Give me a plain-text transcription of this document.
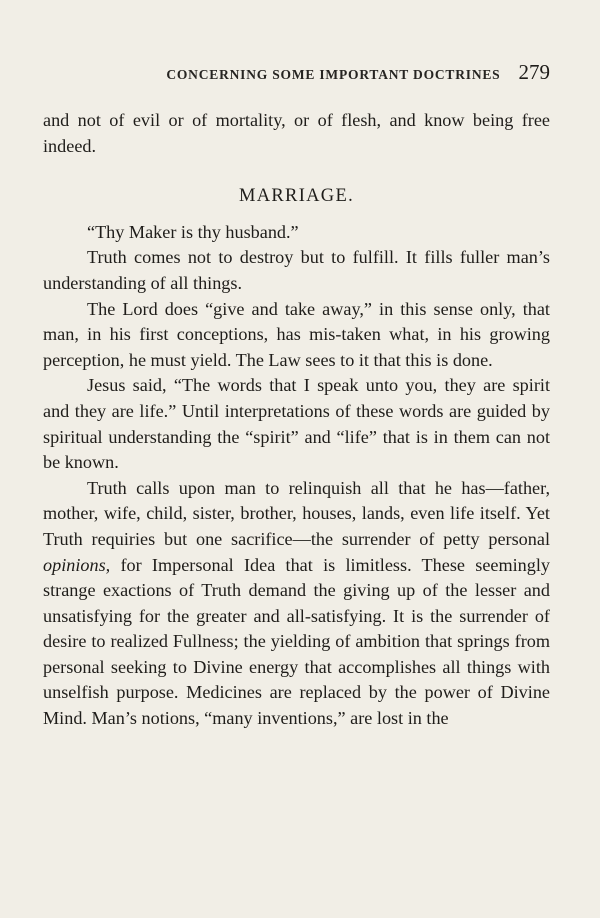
CONCERNING SOME IMPORTANT DOCTRINES 279

and not of evil or of mortality, or of flesh, and know being free indeed.

MARRIAGE.

“Thy Maker is thy husband.”

Truth comes not to destroy but to fulfill. It fills fuller man’s understanding of all things.

The Lord does “give and take away,” in this sense only, that man, in his first conceptions, has mis-taken what, in his growing perception, he must yield. The Law sees to it that this is done.

Jesus said, “The words that I speak unto you, they are spirit and they are life.” Until interpretations of these words are guided by spiritual understanding the “spirit” and “life” that is in them can not be known.

Truth calls upon man to relinquish all that he has—father, mother, wife, child, sister, brother, houses, lands, even life itself. Yet Truth requiries but one sacrifice—the surrender of petty personal opinions, for Impersonal Idea that is limitless. These seemingly strange exactions of Truth demand the giving up of the lesser and unsatisfying for the greater and all-satisfying. It is the surrender of desire to realized Fullness; the yielding of ambition that springs from personal seeking to Divine energy that accomplishes all things with unselfish purpose. Medicines are replaced by the power of Divine Mind. Man’s notions, “many inventions,” are lost in the
